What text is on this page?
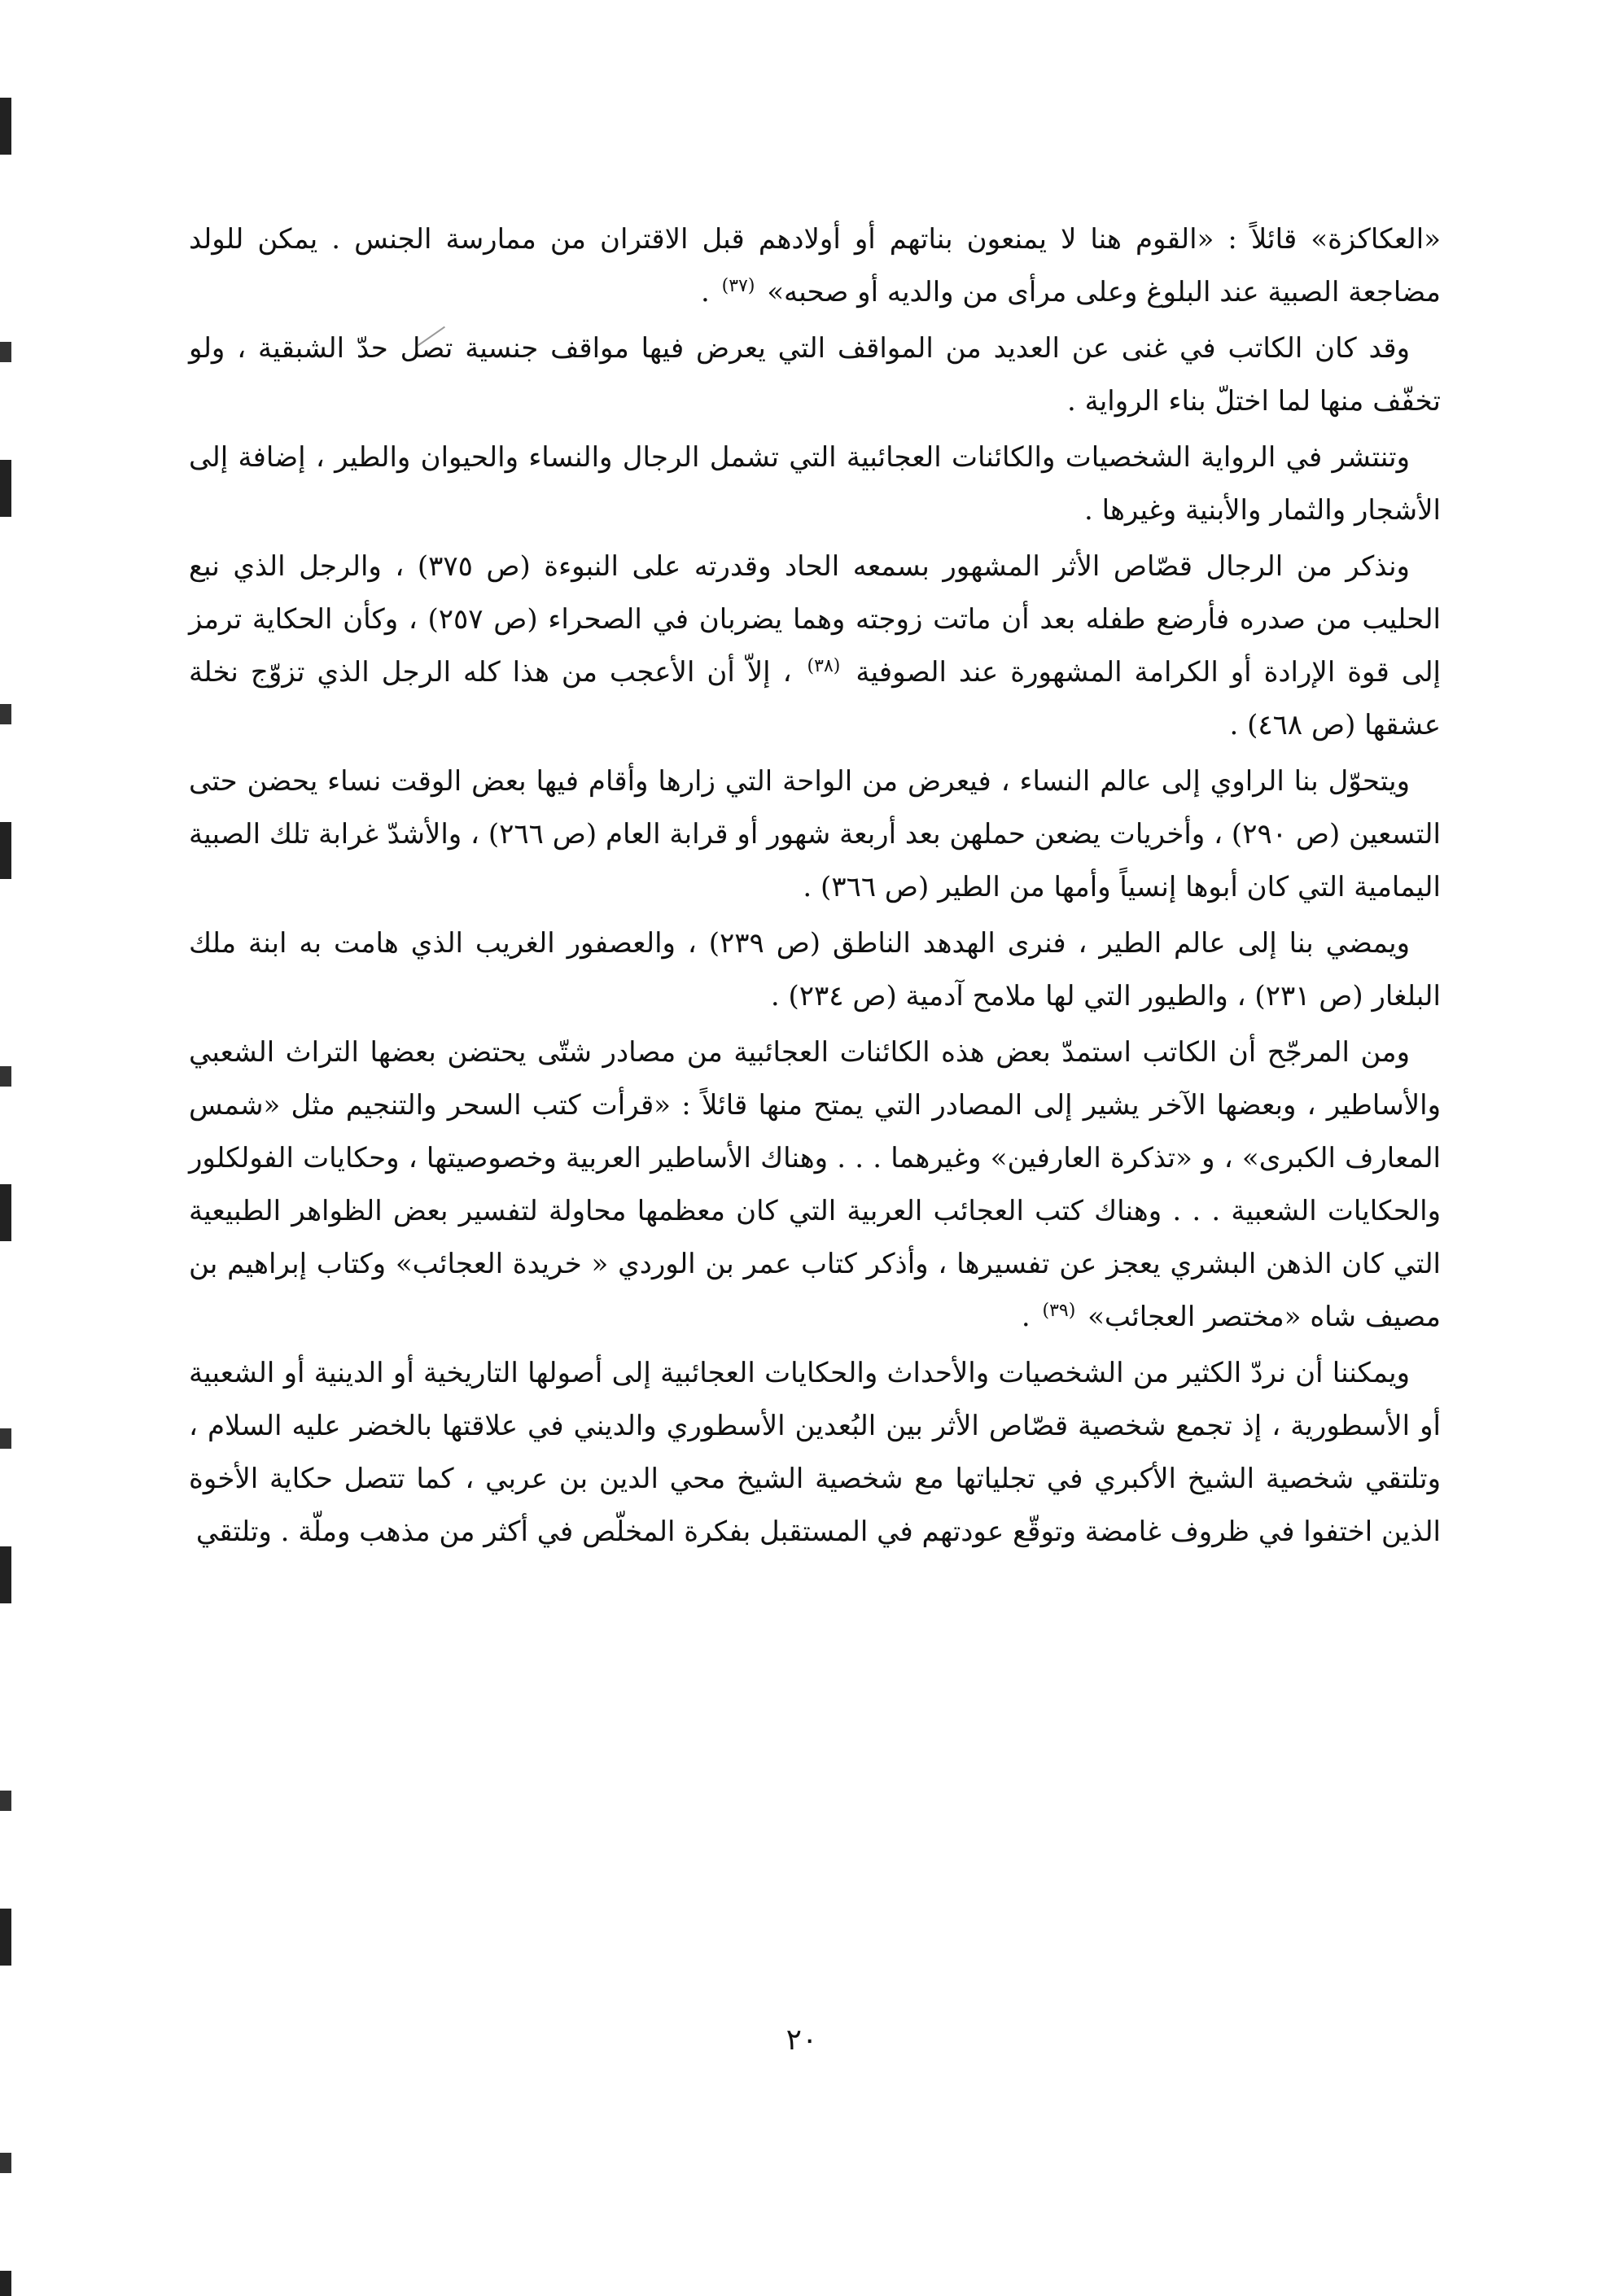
«العكاكزة» قائلاً : «القوم هنا لا يمنعون بناتهم أو أولادهم قبل الاقتران من ممارسة الجنس . يمكن للولد مضاجعة الصبية عند البلوغ وعلى مرأى من والديه أو صحبه» $^{(٣٧)}$ .

وقد كان الكاتب في غنى عن العديد من المواقف التي يعرض فيها مواقف جنسية تصل حدّ الشبقية ، ولو تخفّف منها لما اختلّ بناء الرواية .

وتنتشر في الرواية الشخصيات والكائنات العجائبية التي تشمل الرجال والنساء والحيوان والطير ، إضافة إلى الأشجار والثمار والأبنية وغيرها .

ونذكر من الرجال قصّاص الأثر المشهور بسمعه الحاد وقدرته على النبوءة (ص ٣٧٥) ، والرجل الذي نبع الحليب من صدره فأرضع طفله بعد أن ماتت زوجته وهما يضربان في الصحراء (ص ٢٥٧) ، وكأن الحكاية ترمز إلى قوة الإرادة أو الكرامة المشهورة عند الصوفية $^{(٣٨)}$ ، إلاّ أن الأعجب من هذا كله الرجل الذي تزوّج نخلة عشقها (ص ٤٦٨) .

ويتحوّل بنا الراوي إلى عالم النساء ، فيعرض من الواحة التي زارها وأقام فيها بعض الوقت نساء يحضن حتى التسعين (ص ٢٩٠) ، وأخريات يضعن حملهن بعد أربعة شهور أو قرابة العام (ص ٢٦٦) ، والأشدّ غرابة تلك الصبية اليمامية التي كان أبوها إنسياً وأمها من الطير (ص ٣٦٦) .

ويمضي بنا إلى عالم الطير ، فنرى الهدهد الناطق (ص ٢٣٩) ، والعصفور الغريب الذي هامت به ابنة ملك البلغار (ص ٢٣١) ، والطيور التي لها ملامح آدمية (ص ٢٣٤) .

ومن المرجّح أن الكاتب استمدّ بعض هذه الكائنات العجائبية من مصادر شتّى يحتضن بعضها التراث الشعبي والأساطير ، وبعضها الآخر يشير إلى المصادر التي يمتح منها قائلاً : «قرأت كتب السحر والتنجيم مثل «شمس المعارف الكبرى» ، و «تذكرة العارفين» وغيرهما . . . وهناك الأساطير العربية وخصوصيتها ، وحكايات الفولكلور والحكايات الشعبية . . . وهناك كتب العجائب العربية التي كان معظمها محاولة لتفسير بعض الظواهر الطبيعية التي كان الذهن البشري يعجز عن تفسيرها ، وأذكر كتاب عمر بن الوردي « خريدة العجائب» وكتاب إبراهيم بن مصيف شاه «مختصر العجائب» $^{(٣٩)}$ .

ويمكننا أن نردّ الكثير من الشخصيات والأحداث والحكايات العجائبية إلى أصولها التاريخية أو الدينية أو الشعبية أو الأسطورية ، إذ تجمع شخصية قصّاص الأثر بين البُعدين الأسطوري والديني في علاقتها بالخضر عليه السلام ، وتلتقي شخصية الشيخ الأكبري في تجلياتها مع شخصية الشيخ محي الدين بن عربي ، كما تتصل حكاية الأخوة الذين اختفوا في ظروف غامضة وتوقّع عودتهم في المستقبل بفكرة المخلّص في أكثر من مذهب وملّة . وتلتقي

٢٠
